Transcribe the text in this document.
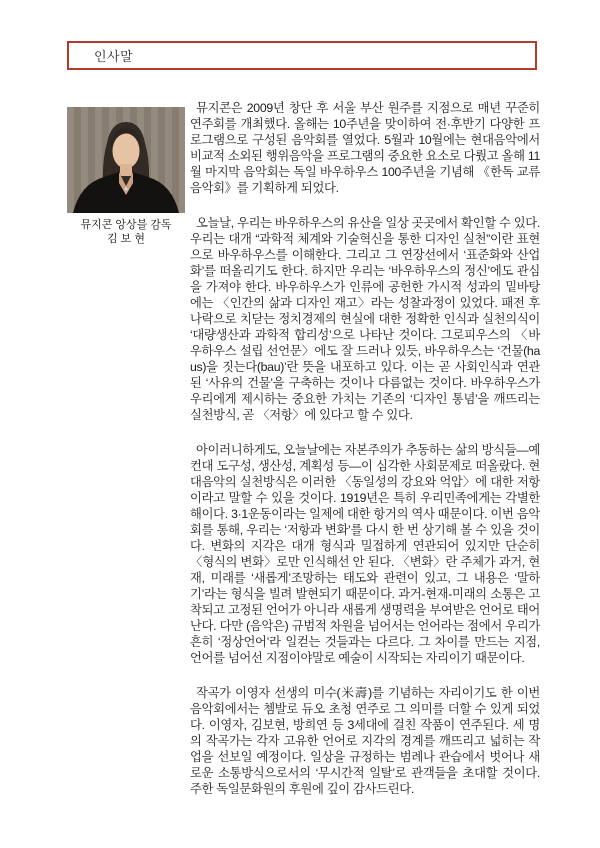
인사말
뮤지콘 앙상블 감독
김 보 현

뮤지콘은 2009년 창단 후 서울 부산 원주를 지점으로 매년 꾸준히 연주회를 개최했다. 올해는 10주년을 맞이하여 전·후반기 다양한 프로그램으로 구성된 음악회를 열었다. 5월과 10월에는 현대음악에서 비교적 소외된 행위음악을 프로그램의 중요한 요소로 다뤘고 올해 11월 마지막 음악회는 독일 바우하우스 100주년을 기념해 《한독 교류음악회》를 기획하게 되었다.

오늘날, 우리는 바우하우스의 유산을 일상 곳곳에서 확인할 수 있다. 우리는 대개 “과학적 체계와 기술혁신을 통한 디자인 실천”이란 표현으로 바우하우스를 이해한다. 그리고 그 연장선에서 ‘표준화와 산업화’를 떠올리기도 한다. 하지만 우리는 ‘바우하우스의 정신’에도 관심을 가져야 한다. 바우하우스가 인류에 공헌한 가시적 성과의 밑바탕에는 〈인간의 삶과 디자인 재고〉라는 성찰과정이 있었다. 패전 후 나락으로 치닫는 정치경제의 현실에 대한 정확한 인식과 실천의식이 ‘대량생산과 과학적 합리성’으로 나타난 것이다. 그로피우스의 〈바우하우스 설립 선언문〉에도 잘 드러나 있듯, 바우하우스는 ‘건물(haus)을 짓는다(bau)’란 뜻을 내포하고 있다. 이는 곧 사회인식과 연관된 ‘사유의 건물’을 구축하는 것이나 다름없는 것이다. 바우하우스가 우리에게 제시하는 중요한 가치는 기존의 ‘디자인 통념’을 깨뜨리는 실천방식, 곧 〈저항〉에 있다고 할 수 있다.

아이러니하게도, 오늘날에는 자본주의가 추동하는 삶의 방식들—예컨대 도구성, 생산성, 계획성 등—이 심각한 사회문제로 떠올랐다. 현대음악의 실천방식은 이러한 〈동일성의 강요와 억압〉에 대한 저항이라고 말할 수 있을 것이다. 1919년은 특히 우리민족에게는 각별한 해이다. 3·1운동이라는 일제에 대한 항거의 역사 때문이다. 이번 음악회를 통해, 우리는 ‘저항과 변화’를 다시 한 번 상기해 볼 수 있을 것이다. 변화의 지각은 대개 형식과 밀접하게 연관되어 있지만 단순히 〈형식의 변화〉로만 인식해선 안 된다. 〈변화〉란 주체가 과거, 현재, 미래를 ‘새롭게’조망하는 태도와 관련이 있고, 그 내용은 ‘말하기’라는 형식을 빌려 발현되기 때문이다. 과거-현재-미래의 소통은 고착되고 고정된 언어가 아니라 새롭게 생명력을 부여받은 언어로 태어난다. 다만 (음악은) 규범적 차원을 넘어서는 언어라는 점에서 우리가 흔히 ‘정상언어’라 일컫는 것들과는 다르다. 그 차이를 만드는 지점, 언어를 넘어선 지점이야말로 예술이 시작되는 자리이기 때문이다.

작곡가 이영자 선생의 미수(米壽)를 기념하는 자리이기도 한 이번 음악회에서는 쳄발로 듀오 초청 연주로 그 의미를 더할 수 있게 되었다. 이영자, 김보현, 방희연 등 3세대에 걸친 작품이 연주된다. 세 명의 작곡가는 각자 고유한 언어로 지각의 경계를 깨뜨리고 넓히는 작업을 선보일 예정이다. 일상을 규정하는 범례나 관습에서 벗어나 새로운 소통방식으로서의 ‘무시간적 일탈’로 관객들을 초대할 것이다. 주한 독일문화원의 후원에 깊이 감사드린다.
